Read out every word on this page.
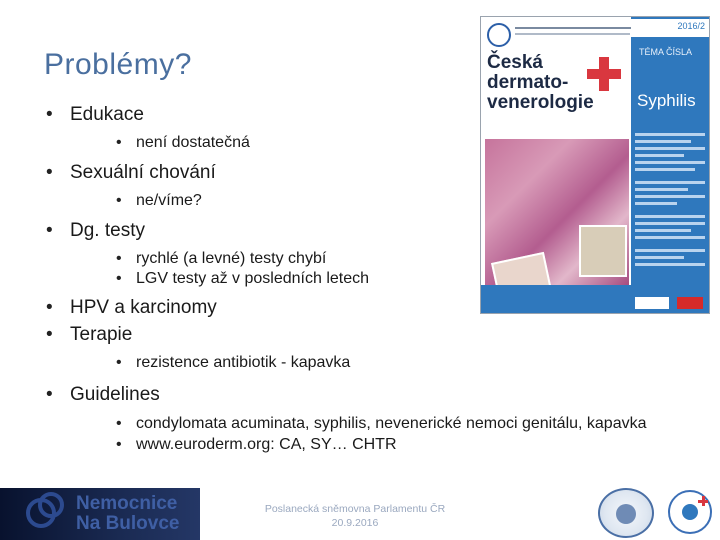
Problémy?
• Edukace
• není dostatečná
• Sexuální chování
• ne/víme?
• Dg. testy
• rychlé (a levné) testy chybí
• LGV testy až v posledních letech
• HPV a karcinomy
• Terapie
• rezistence antibiotik - kapavka
• Guidelines
• condylomata acuminata, syphilis, nevenerické nemoci genitálu, kapavka
• www.euroderm.org: CA, SY… CHTR
2016/2
Česká dermato-venerologie
TÉMA ČÍSLA
Syphilis
Nemocnice
Na Bulovce
Poslanecká sněmovna Parlamentu ČR
20.9.2016
